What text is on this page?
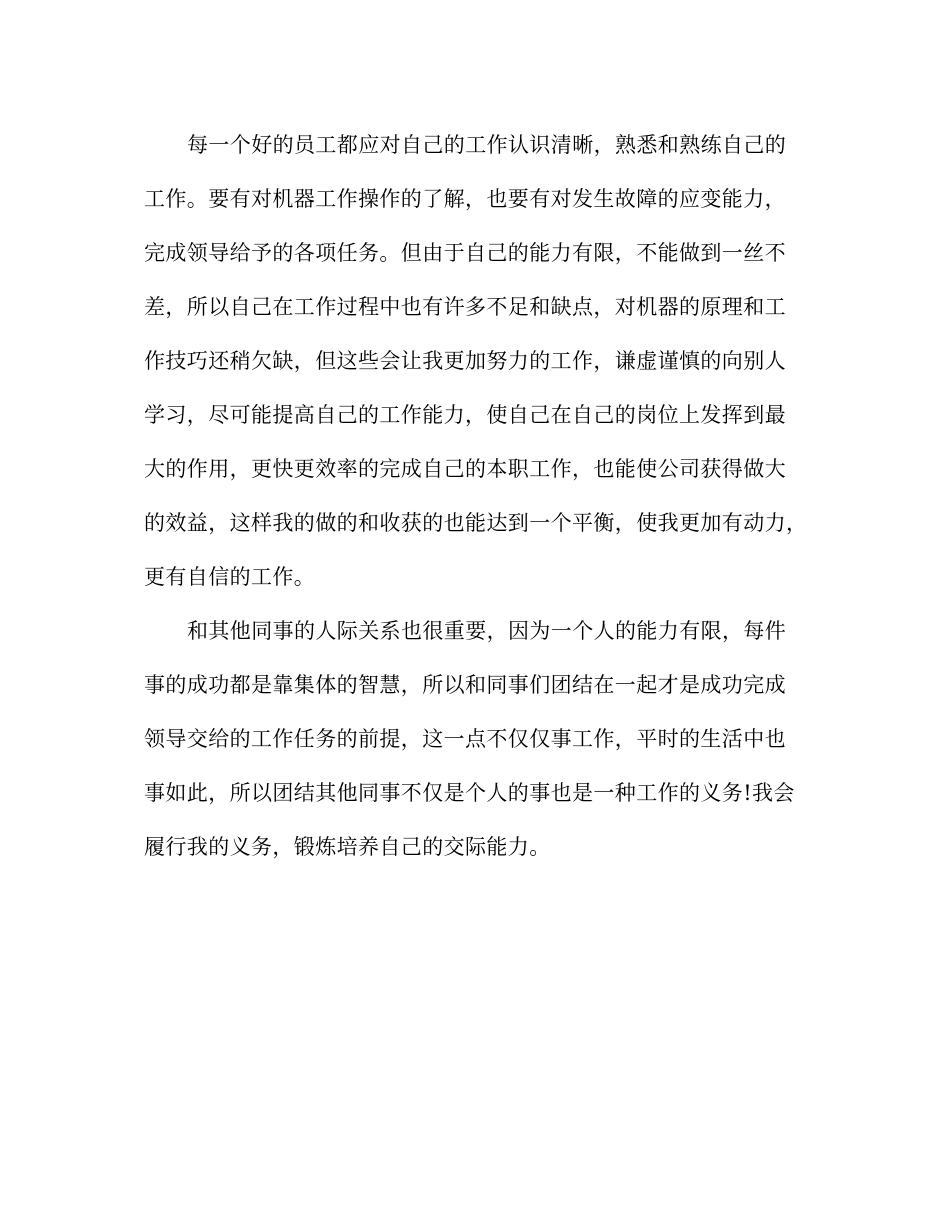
每一个好的员工都应对自己的工作认识清晰，熟悉和熟练自己的
工作。要有对机器工作操作的了解，也要有对发生故障的应变能力，
完成领导给予的各项任务。但由于自己的能力有限，不能做到一丝不
差，所以自己在工作过程中也有许多不足和缺点，对机器的原理和工
作技巧还稍欠缺，但这些会让我更加努力的工作，谦虚谨慎的向别人
学习，尽可能提高自己的工作能力，使自己在自己的岗位上发挥到最
大的作用，更快更效率的完成自己的本职工作，也能使公司获得做大
的效益，这样我的做的和收获的也能达到一个平衡，使我更加有动力，
更有自信的工作。
和其他同事的人际关系也很重要，因为一个人的能力有限，每件
事的成功都是靠集体的智慧，所以和同事们团结在一起才是成功完成
领导交给的工作任务的前提，这一点不仅仅事工作，平时的生活中也
事如此，所以团结其他同事不仅是个人的事也是一种工作的义务!我会
履行我的义务，锻炼培养自己的交际能力。
